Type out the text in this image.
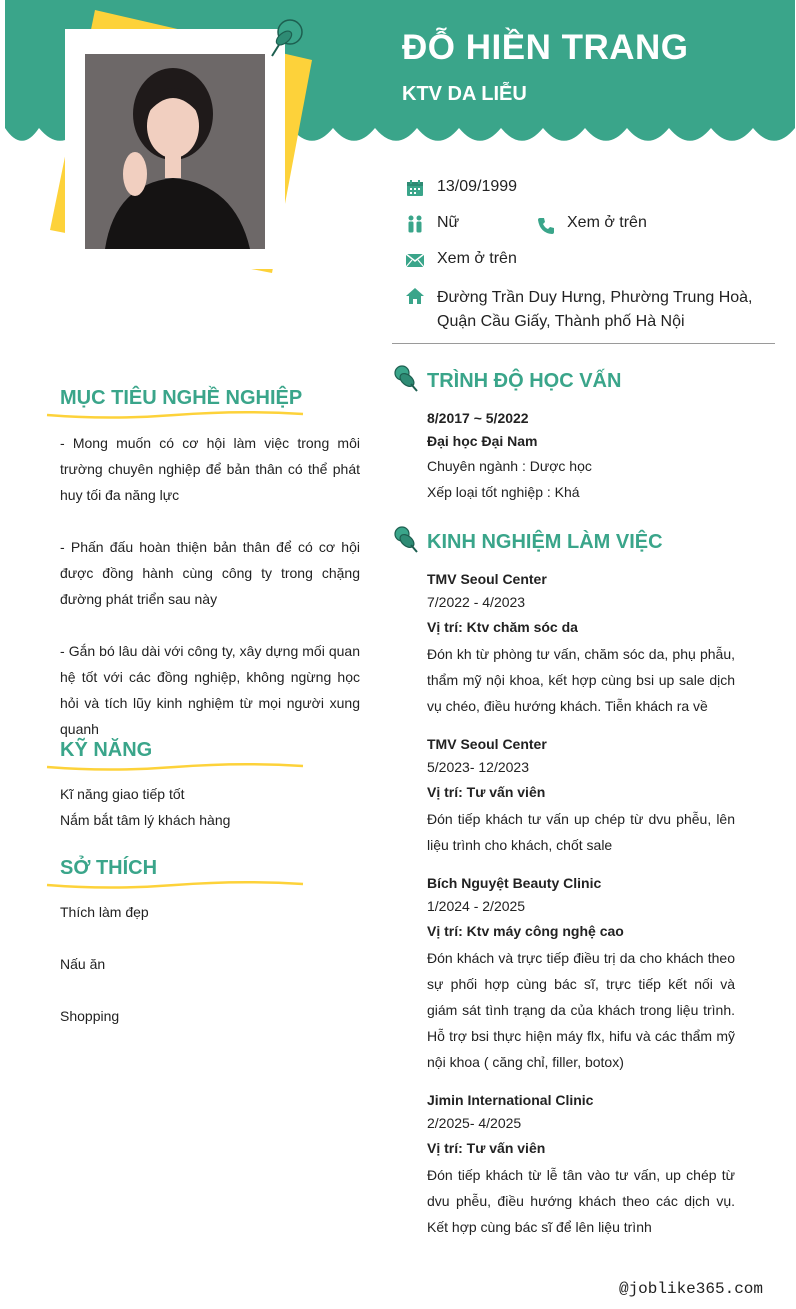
ĐỖ HIỀN TRANG
KTV DA LIỄU
13/09/1999
Nữ	Xem ở trên
Xem ở trên
Đường Trần Duy Hưng, Phường Trung Hoà,
Quận Cầu Giấy, Thành phố Hà Nội
MỤC TIÊU NGHỀ NGHIỆP
- Mong muốn có cơ hội làm việc trong môi trường chuyên nghiệp để bản thân có thể phát huy tối đa năng lực
- Phấn đấu hoàn thiện bản thân để có cơ hội được đồng hành cùng công ty trong chặng đường phát triển sau này
- Gắn bó lâu dài với công ty, xây dựng mối quan hệ tốt với các đồng nghiệp, không ngừng học hỏi và tích lũy kinh nghiệm từ mọi người xung quanh
KỸ NĂNG
Kĩ năng giao tiếp tốt
Nắm bắt tâm lý khách hàng
SỞ THÍCH
Thích làm đẹp
Nấu ăn
Shopping
TRÌNH ĐỘ HỌC VẤN
8/2017 ~ 5/2022
Đại học Đại Nam
Chuyên ngành : Dược học
Xếp loại tốt nghiệp : Khá
KINH NGHIỆM LÀM VIỆC
TMV Seoul Center
7/2022 - 4/2023
Vị trí: Ktv chăm sóc da
Đón kh từ phòng tư vấn, chăm sóc da, phụ phẫu, thẩm mỹ nội khoa, kết hợp cùng bsi up sale dịch vụ chéo, điều hướng khách. Tiễn khách ra về
TMV Seoul Center
5/2023- 12/2023
Vị trí: Tư vấn viên
Đón tiếp khách tư vấn up chép từ dvu phễu, lên liệu trình cho khách, chốt sale
Bích Nguyệt Beauty Clinic
1/2024 - 2/2025
Vị trí: Ktv máy công nghệ cao
Đón khách và trực tiếp điều trị da cho khách theo sự phối hợp cùng bác sĩ, trực tiếp kết nối và giám sát tình trạng da của khách trong liệu trình. Hỗ trợ bsi thực hiện máy flx, hifu và các thẩm mỹ nội khoa ( căng chỉ, filler, botox)
Jimin International Clinic
2/2025- 4/2025
Vị trí: Tư vấn viên
Đón tiếp khách từ lễ tân vào tư vấn, up chép từ dvu phễu, điều hướng khách theo các dịch vụ. Kết hợp cùng bác sĩ để lên liệu trình
@joblike365.com
